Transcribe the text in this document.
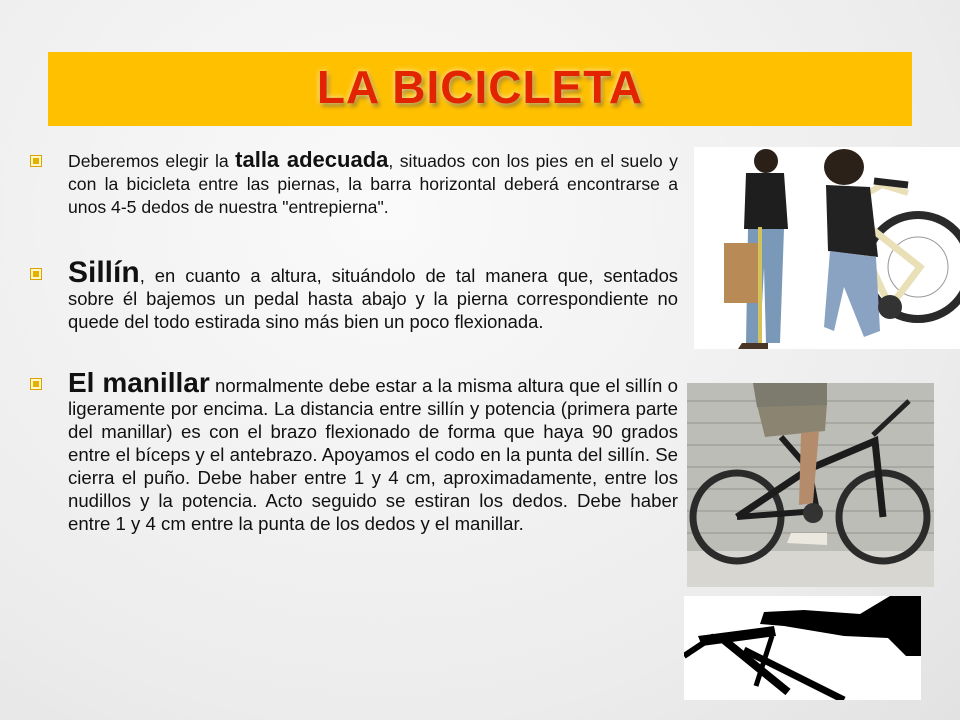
LA BICICLETA
Deberemos elegir la talla adecuada, situados con los pies en el suelo y con la bicicleta entre las piernas, la barra horizontal deberá encontrarse a unos 4-5 dedos de nuestra "entrepierna".
Sillín, en cuanto a altura, situándolo de tal manera que, sentados sobre él bajemos un pedal hasta abajo y la pierna correspondiente no quede del todo estirada sino más bien un poco flexionada.
El manillar normalmente debe estar a la misma altura que el sillín o ligeramente por encima. La distancia entre sillín y potencia (primera parte del manillar) es con el brazo flexionado de forma que haya 90 grados entre el bíceps y el antebrazo. Apoyamos el codo en la punta del sillín. Se cierra el puño. Debe haber entre 1 y 4 cm, aproximadamente, entre los nudillos y la potencia. Acto seguido se estiran los dedos. Debe haber entre 1 y 4 cm entre la punta de los dedos y el manillar.
